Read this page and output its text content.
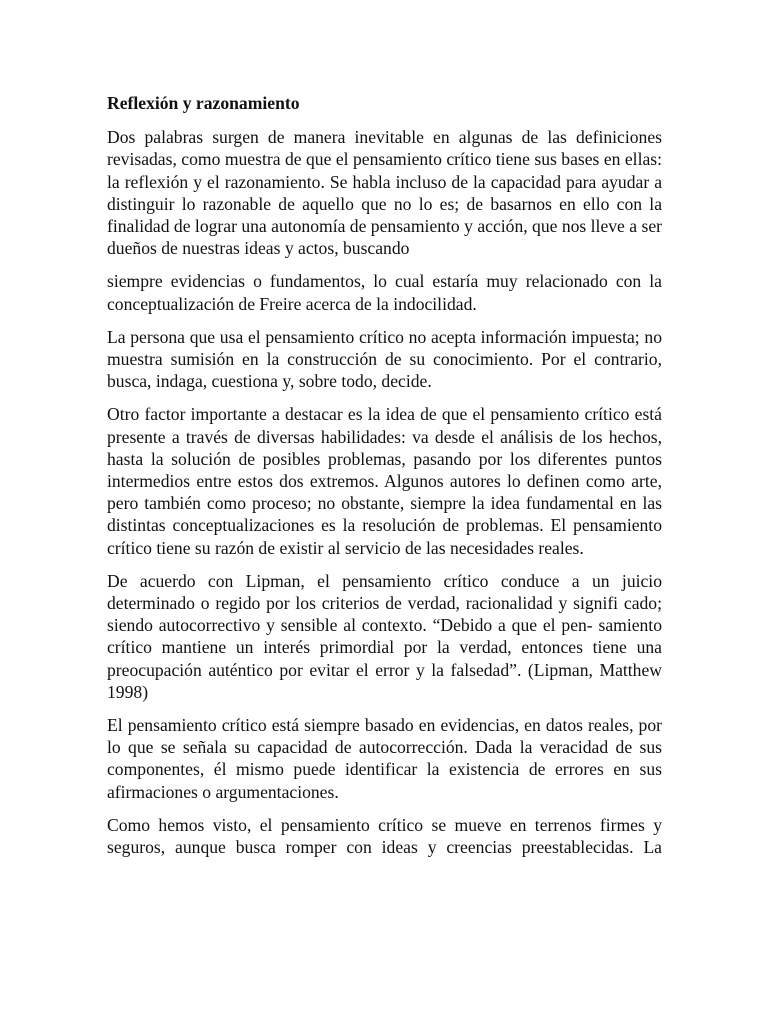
Reflexión y razonamiento

Dos palabras surgen de manera inevitable en algunas de las definiciones revisadas, como muestra de que el pensamiento crítico tiene sus bases en ellas: la reflexión y el razonamiento. Se habla incluso de la capacidad para ayudar a distinguir lo razonable de aquello que no lo es; de basarnos en ello con la finalidad de lograr una autonomía de pensamiento y acción, que nos lleve a ser dueños de nuestras ideas y actos, buscando

siempre evidencias o fundamentos, lo cual estaría muy relacionado con la conceptualización de Freire acerca de la indocilidad.

La persona que usa el pensamiento crítico no acepta información impuesta; no muestra sumisión en la construcción de su conocimiento. Por el contrario, busca, indaga, cuestiona y, sobre todo, decide.

Otro factor importante a destacar es la idea de que el pensamiento crítico está presente a través de diversas habilidades: va desde el análisis de los hechos, hasta la solución de posibles problemas, pasando por los diferentes puntos intermedios entre estos dos extremos. Algunos autores lo definen como arte, pero también como proceso; no obstante, siempre la idea fundamental en las distintas conceptualizaciones es la resolución de problemas. El pensamiento crítico tiene su razón de existir al servicio de las necesidades reales.

De acuerdo con Lipman, el pensamiento crítico conduce a un juicio determinado o regido por los criterios de verdad, racionalidad y signifi cado; siendo autocorrectivo y sensible al contexto. “Debido a que el pen- samiento crítico mantiene un interés primordial por la verdad, entonces tiene una preocupación auténtico por evitar el error y la falsedad”. (Lipman, Matthew 1998)

El pensamiento crítico está siempre basado en evidencias, en datos reales, por lo que se señala su capacidad de autocorrección. Dada la veracidad de sus componentes, él mismo puede identificar la existencia de errores en sus afirmaciones o argumentaciones.

Como hemos visto, el pensamiento crítico se mueve en terrenos firmes y seguros, aunque busca romper con ideas y creencias preestablecidas. La
